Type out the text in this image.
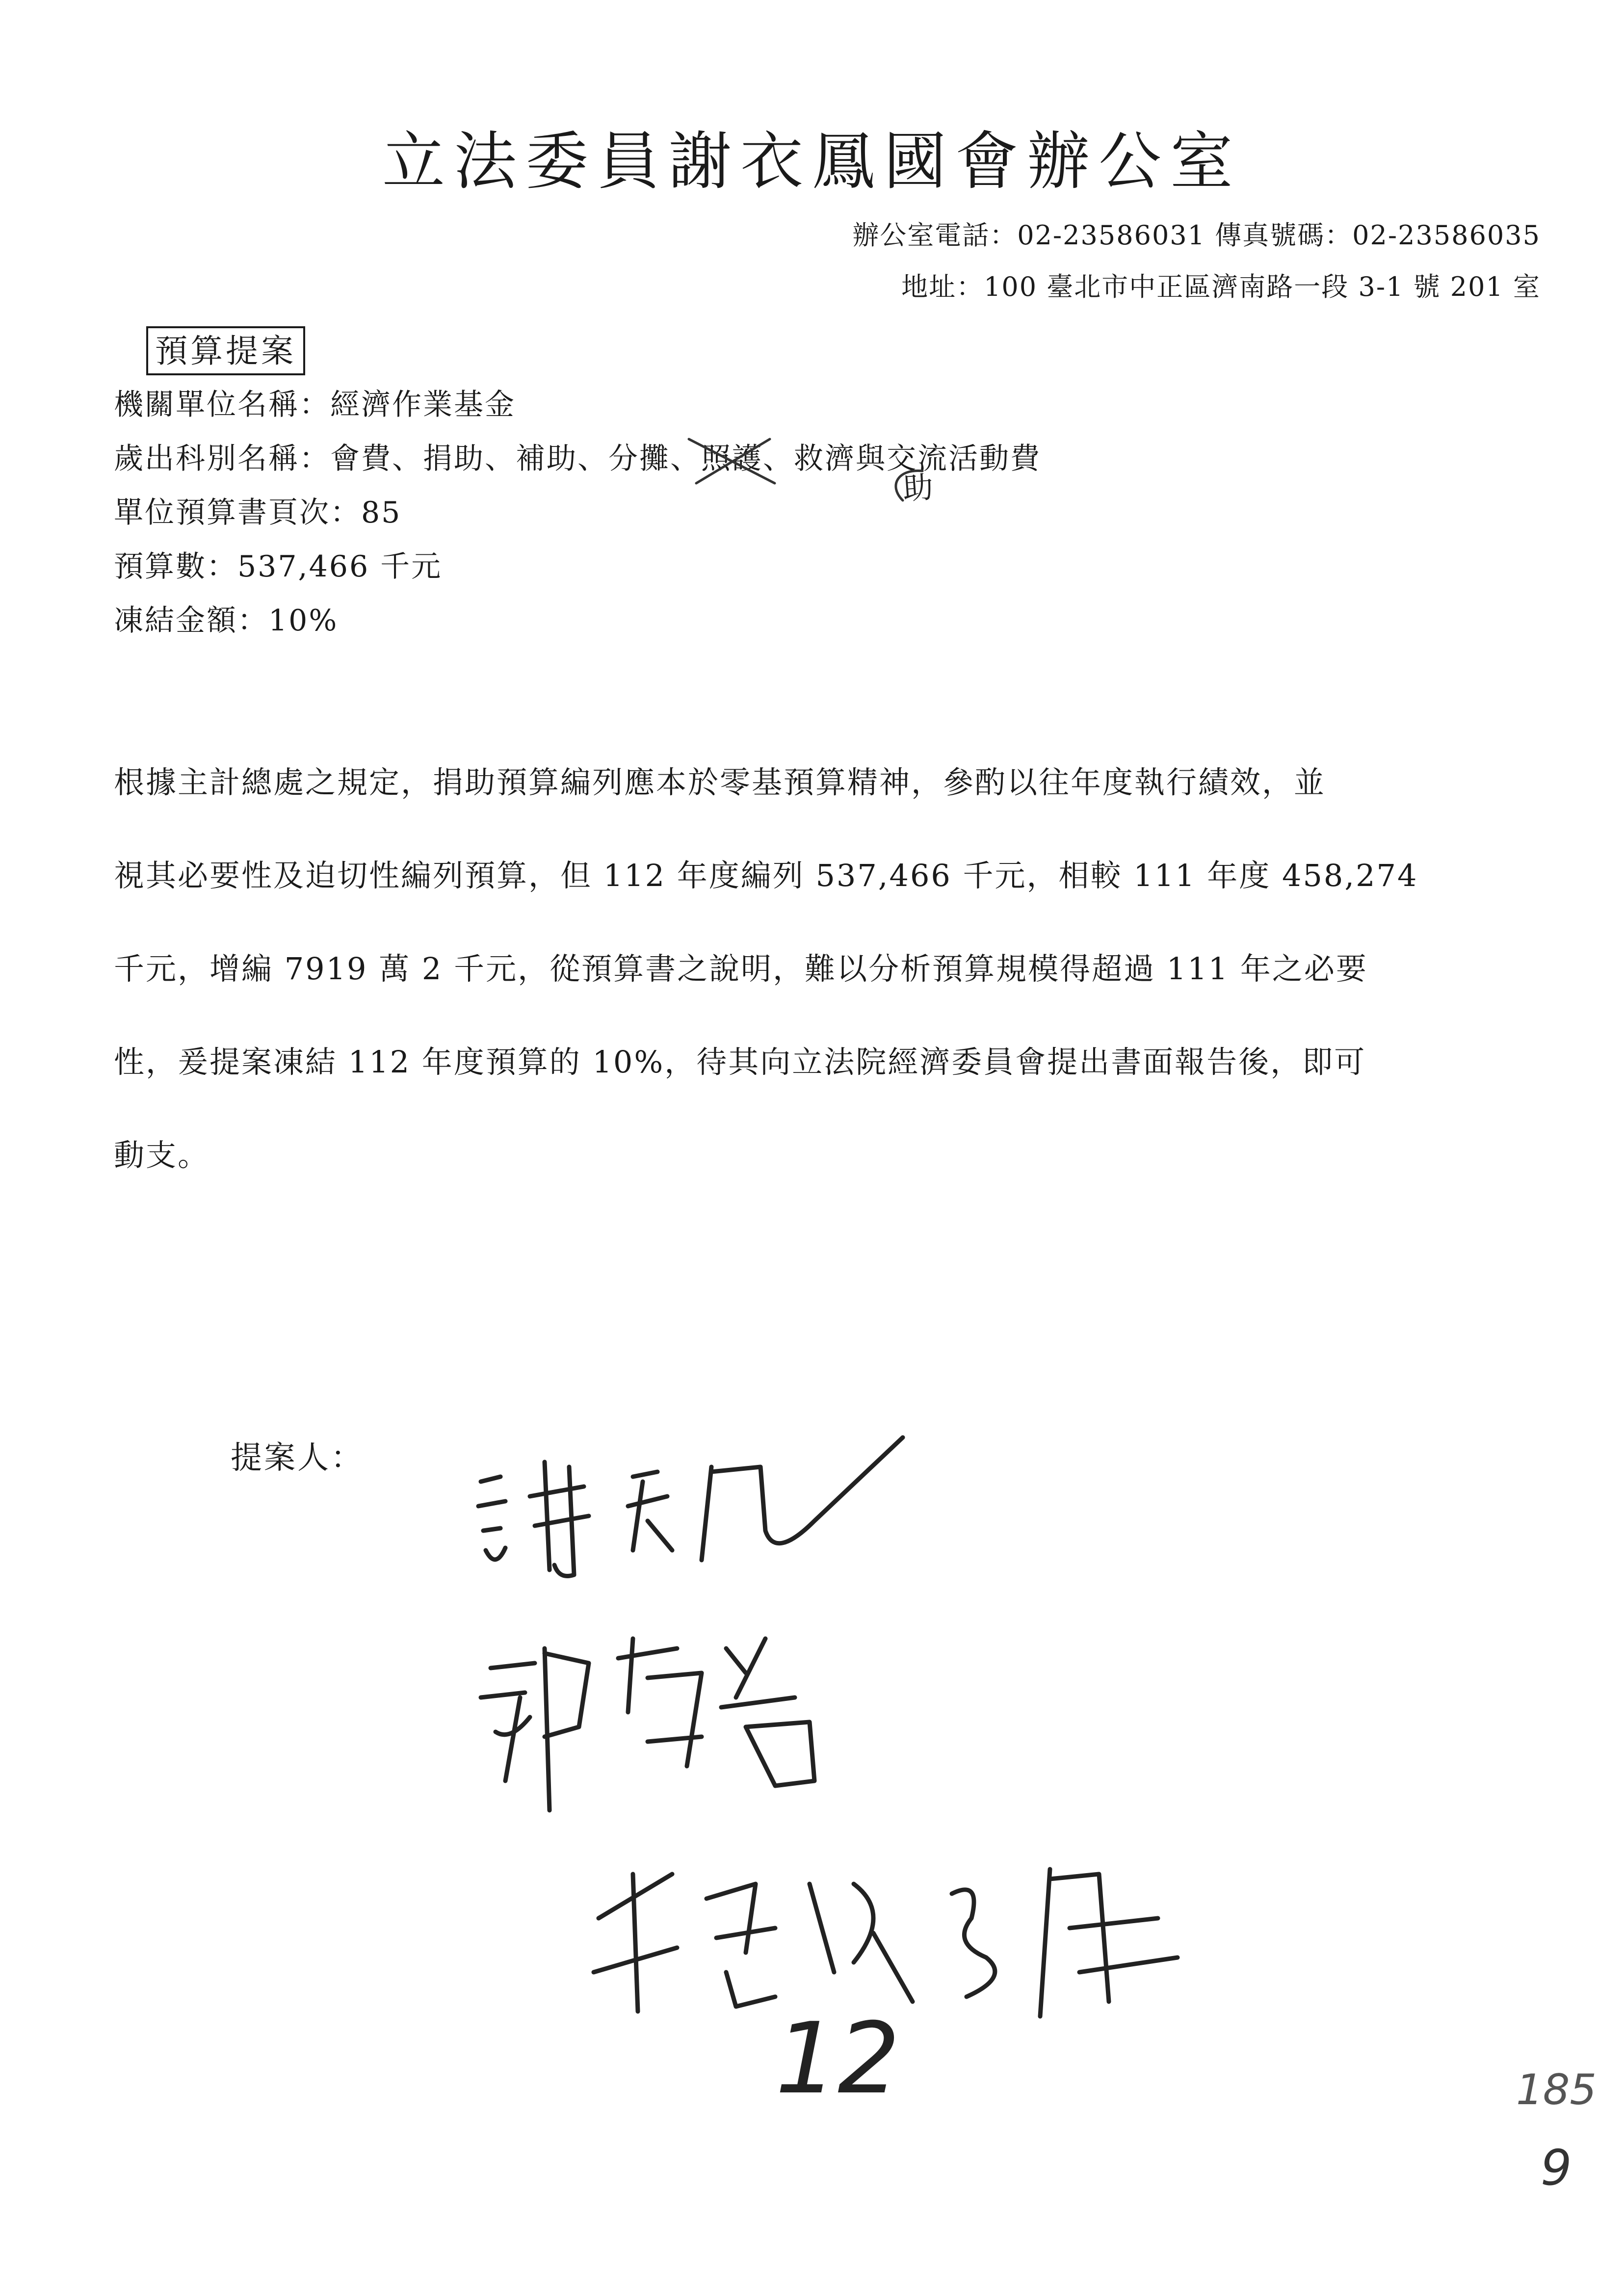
立法委員謝衣鳳國會辦公室
辦公室電話：02-23586031 傳真號碼：02-23586035
地址：100 臺北市中正區濟南路一段 3-1 號 201 室
預算提案
機關單位名稱：經濟作業基金
歲出科別名稱：會費、捐助、補助、分攤、照護
、救濟與交流活動費
單位預算書頁次：85
預算數：537,466 千元
凍結金額：10%
助
根據主計總處之規定，捐助預算編列應本於零基預算精神，參酌以往年度執行績效，並
視其必要性及迫切性編列預算，但 112 年度編列 537,466 千元，相較 111 年度 458,274
千元，增編 7919 萬 2 千元，從預算書之說明，難以分析預算規模得超過 111 年之必要
性，爰提案凍結 112 年度預算的 10%，待其向立法院經濟委員會提出書面報告後，即可
動支。
提案人：
12	185
9
